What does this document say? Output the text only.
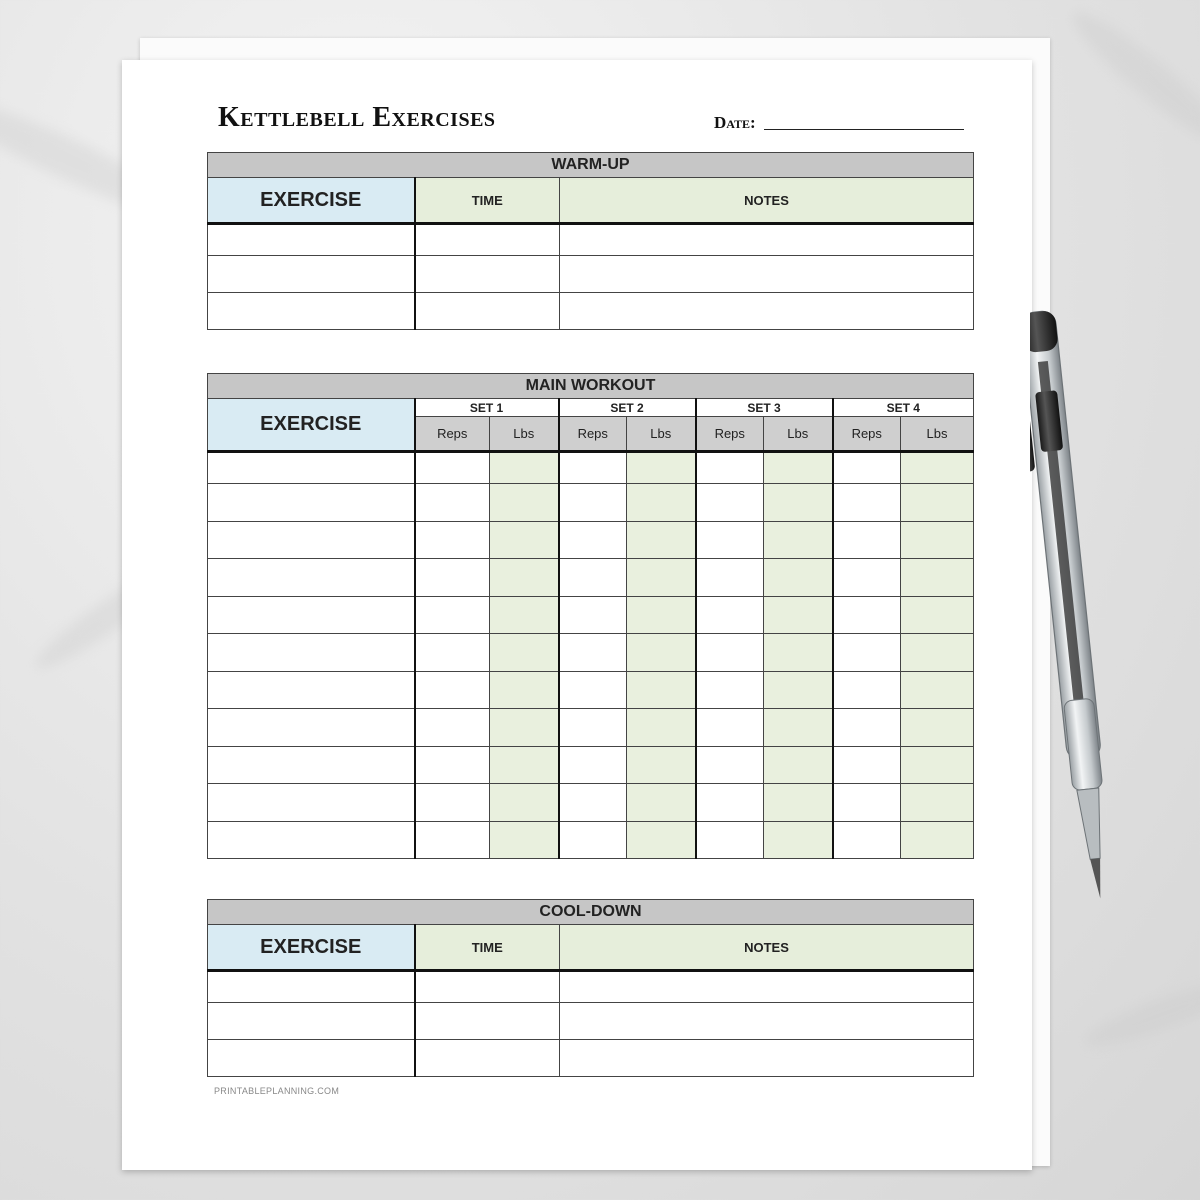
Kettlebell Exercises	Date:
WARM-UP		
EXERCISE	TIME	NOTES

MAIN WORKOUT								
EXERCISE	SET 1		SET 2		SET 3		SET 4	
	Reps	Lbs	Reps	Lbs	Reps	Lbs	Reps	Lbs

COOL-DOWN		
EXERCISE	TIME	NOTES

PRINTABLEPLANNING.COM
